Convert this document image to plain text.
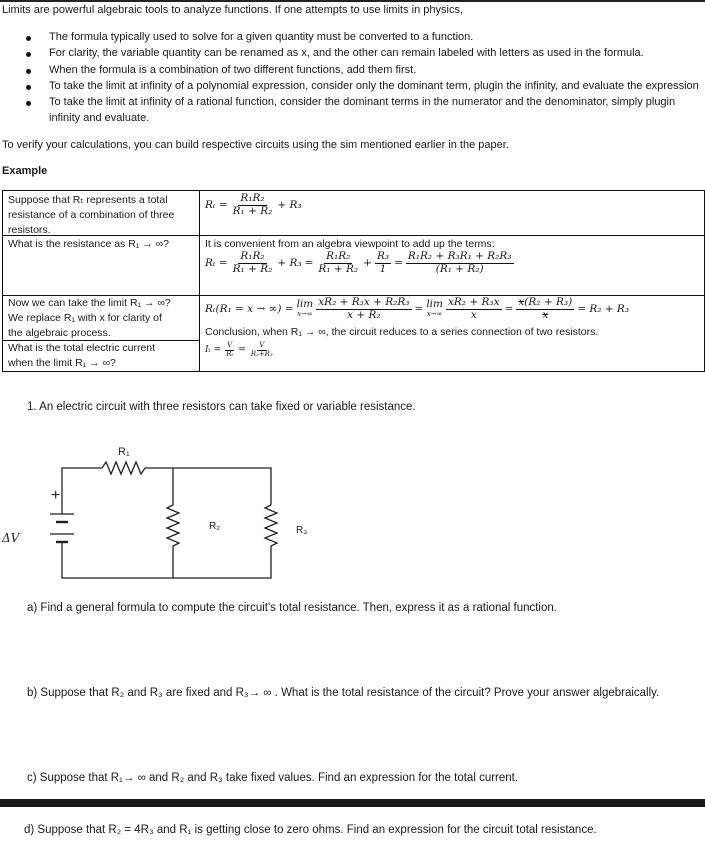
Limits are powerful algebraic tools to analyze functions. If one attempts to use limits in physics,
The formula typically used to solve for a given quantity must be converted to a function.
For clarity, the variable quantity can be renamed as x, and the other can remain labeled with letters as used in the formula.
When the formula is a combination of two different functions, add them first.
To take the limit at infinity of a polynomial expression, consider only the dominant term, plugin the infinity, and evaluate the expression
To take the limit at infinity of a rational function, consider the dominant terms in the numerator and the denominator, simply plugin
infinity and evaluate.
To verify your calculations, you can build respective circuits using the sim mentioned earlier in the paper.
Example
Suppose that Rₜ represents a total
resistance of a combination of three
resistors.
$R_t = \frac{\text{R₁R₂}}{\text{R₁ + R₂}} + R_3$
What is the resistance as R₁ → ∞?	It is convenient from an algebra viewpoint to add up the terms:
$R_t = \frac{\text{R₁R₂}}{\text{R₁ + R₂}} + R_3 = \frac{\text{R₁R₂}}{\text{R₁ + R₂}} + \frac{\text{R₃}}{1} = \frac{\text{R₁R₂ + R₃R₁ + R₂R₃}}{\text{(R₁ + R₂)}}$
Now we can take the limit R₁ → ∞?
We replace R₁ with x for clarity of
the algebraic process.
Rₜ(R₁ = x → ∞) = lim
$x\to\infty \frac{\text{xR₂ + R₃x + R₂R₃}}{\text{x + R₂}} = \lim$
$x\to\infty \frac{\text{xR₂ + R₃x}}{x} = \frac{\text{x(R₂ + R₃)}}{x} = R_2 + R_3$
Conclusion, when R₁ → ∞, the circuit reduces to a series connection of two resistors.
What is the total electric current
when the limit R₁ → ∞?
$I_t = \frac{V}{\text{Rₜ}} = \frac{V}{\text{R₂+R₃}}$
1. An electric circuit with three resistors can take fixed or variable resistance.
R₁
R₂	R₃
+
ΔV
a) Find a general formula to compute the circuit's total resistance. Then, express it as a rational function.
b) Suppose that R₂ and R₃ are fixed and R₃→ ∞ . What is the total resistance of the circuit? Prove your answer algebraically.
c) Suppose that R₁→ ∞ and R₂ and R₃ take fixed values. Find an expression for the total current.
d) Suppose that R₂ = 4R₃ and R₁ is getting close to zero ohms. Find an expression for the circuit total resistance.
